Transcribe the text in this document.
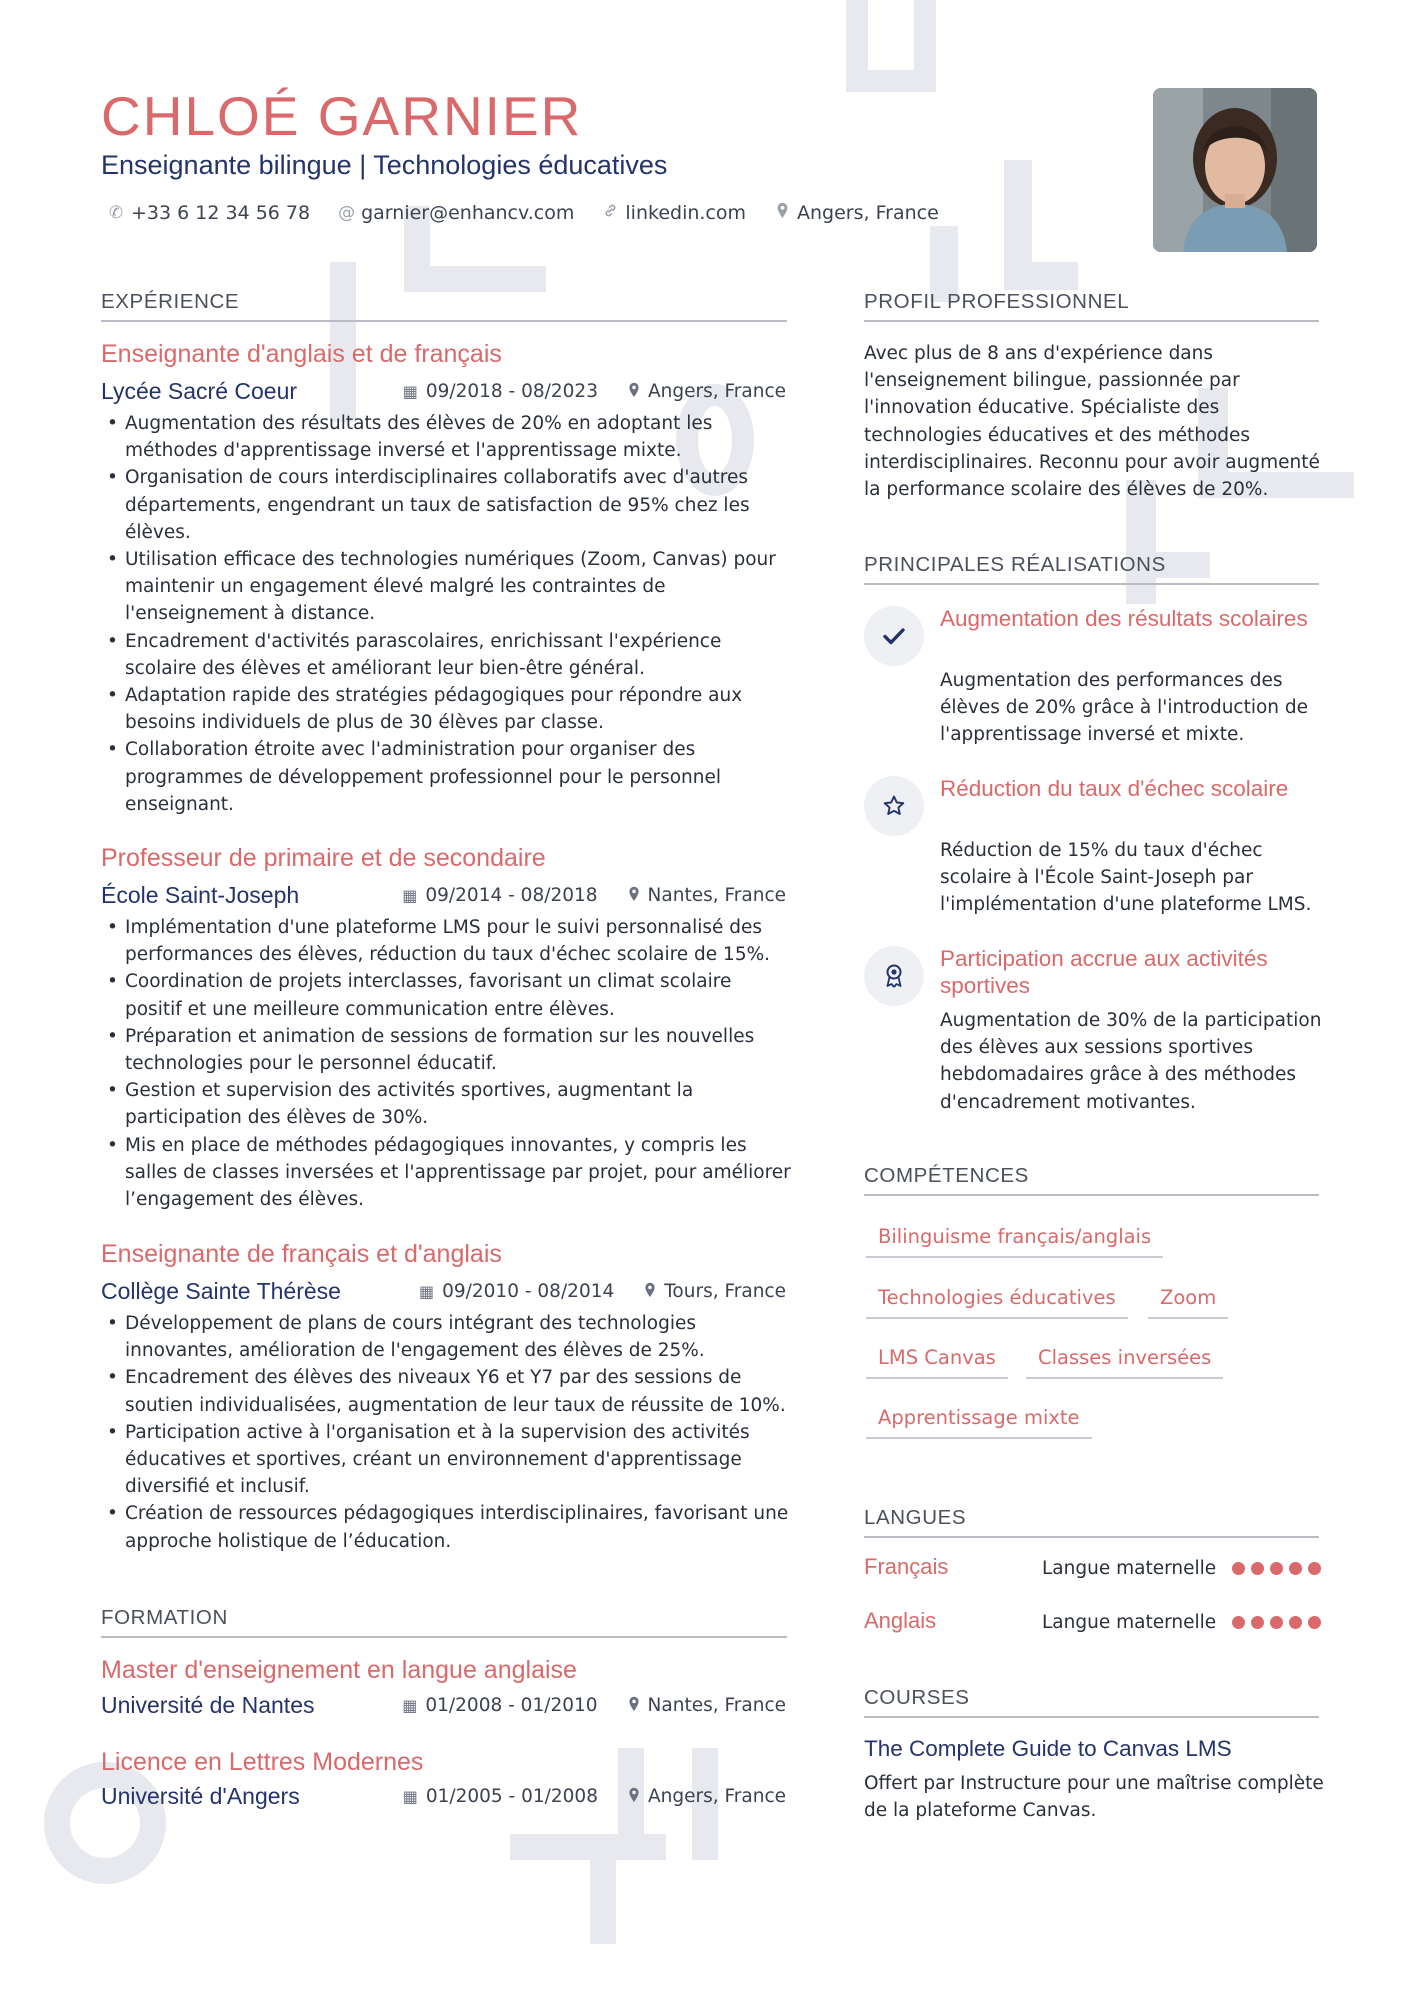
CHLOÉ GARNIER
Enseignante bilingue | Technologies éducatives
✆ +33 6 12 34 56 78 @ garnier@enhancv.com	linkedin.com	Angers, France
EXPÉRIENCE
Enseignante d'anglais et de français
Lycée Sacré Coeur	▦ 09/2018 - 08/2023	Angers, France
• Augmentation des résultats des élèves de 20% en adoptant les méthodes d'apprentissage inversé et l'apprentissage mixte.
• Organisation de cours interdisciplinaires collaboratifs avec d'autres départements, engendrant un taux de satisfaction de 95% chez les élèves.
• Utilisation efficace des technologies numériques (Zoom, Canvas) pour maintenir un engagement élevé malgré les contraintes de l'enseignement à distance.
• Encadrement d'activités parascolaires, enrichissant l'expérience scolaire des élèves et améliorant leur bien-être général.
• Adaptation rapide des stratégies pédagogiques pour répondre aux besoins individuels de plus de 30 élèves par classe.
• Collaboration étroite avec l'administration pour organiser des programmes de développement professionnel pour le personnel enseignant.
Professeur de primaire et de secondaire
École Saint-Joseph	▦ 09/2014 - 08/2018	Nantes, France
• Implémentation d'une plateforme LMS pour le suivi personnalisé des performances des élèves, réduction du taux d'échec scolaire de 15%.
• Coordination de projets interclasses, favorisant un climat scolaire positif et une meilleure communication entre élèves.
• Préparation et animation de sessions de formation sur les nouvelles technologies pour le personnel éducatif.
• Gestion et supervision des activités sportives, augmentant la participation des élèves de 30%.
• Mis en place de méthodes pédagogiques innovantes, y compris les salles de classes inversées et l'apprentissage par projet, pour améliorer l’engagement des élèves.
Enseignante de français et d'anglais
Collège Sainte Thérèse	▦ 09/2010 - 08/2014	Tours, France
• Développement de plans de cours intégrant des technologies innovantes, amélioration de l'engagement des élèves de 25%.
• Encadrement des élèves des niveaux Y6 et Y7 par des sessions de soutien individualisées, augmentation de leur taux de réussite de 10%.
• Participation active à l'organisation et à la supervision des activités éducatives et sportives, créant un environnement d'apprentissage diversifié et inclusif.
• Création de ressources pédagogiques interdisciplinaires, favorisant une approche holistique de l’éducation.
FORMATION
Master d'enseignement en langue anglaise
Université de Nantes	▦ 01/2008 - 01/2010	Nantes, France
Licence en Lettres Modernes
Université d'Angers	▦ 01/2005 - 01/2008	Angers, France
PROFIL PROFESSIONNEL
Avec plus de 8 ans d'expérience dans l'enseignement bilingue, passionnée par l'innovation éducative. Spécialiste des technologies éducatives et des méthodes interdisciplinaires. Reconnu pour avoir augmenté la performance scolaire des élèves de 20%.
PRINCIPALES RÉALISATIONS
Augmentation des résultats scolaires
Augmentation des performances des élèves de 20% grâce à l'introduction de l'apprentissage inversé et mixte.
Réduction du taux d'échec scolaire
Réduction de 15% du taux d'échec scolaire à l'École Saint-Joseph par l'implémentation d'une plateforme LMS.
Participation accrue aux activités sportives
Augmentation de 30% de la participation des élèves aux sessions sportives hebdomadaires grâce à des méthodes d'encadrement motivantes.
COMPÉTENCES
Bilinguisme français/anglais
Technologies éducatives	Zoom
LMS Canvas	Classes inversées
Apprentissage mixte
LANGUES
Français	Langue maternelle
Anglais	Langue maternelle
COURSES
The Complete Guide to Canvas LMS
Offert par Instructure pour une maîtrise complète de la plateforme Canvas.
